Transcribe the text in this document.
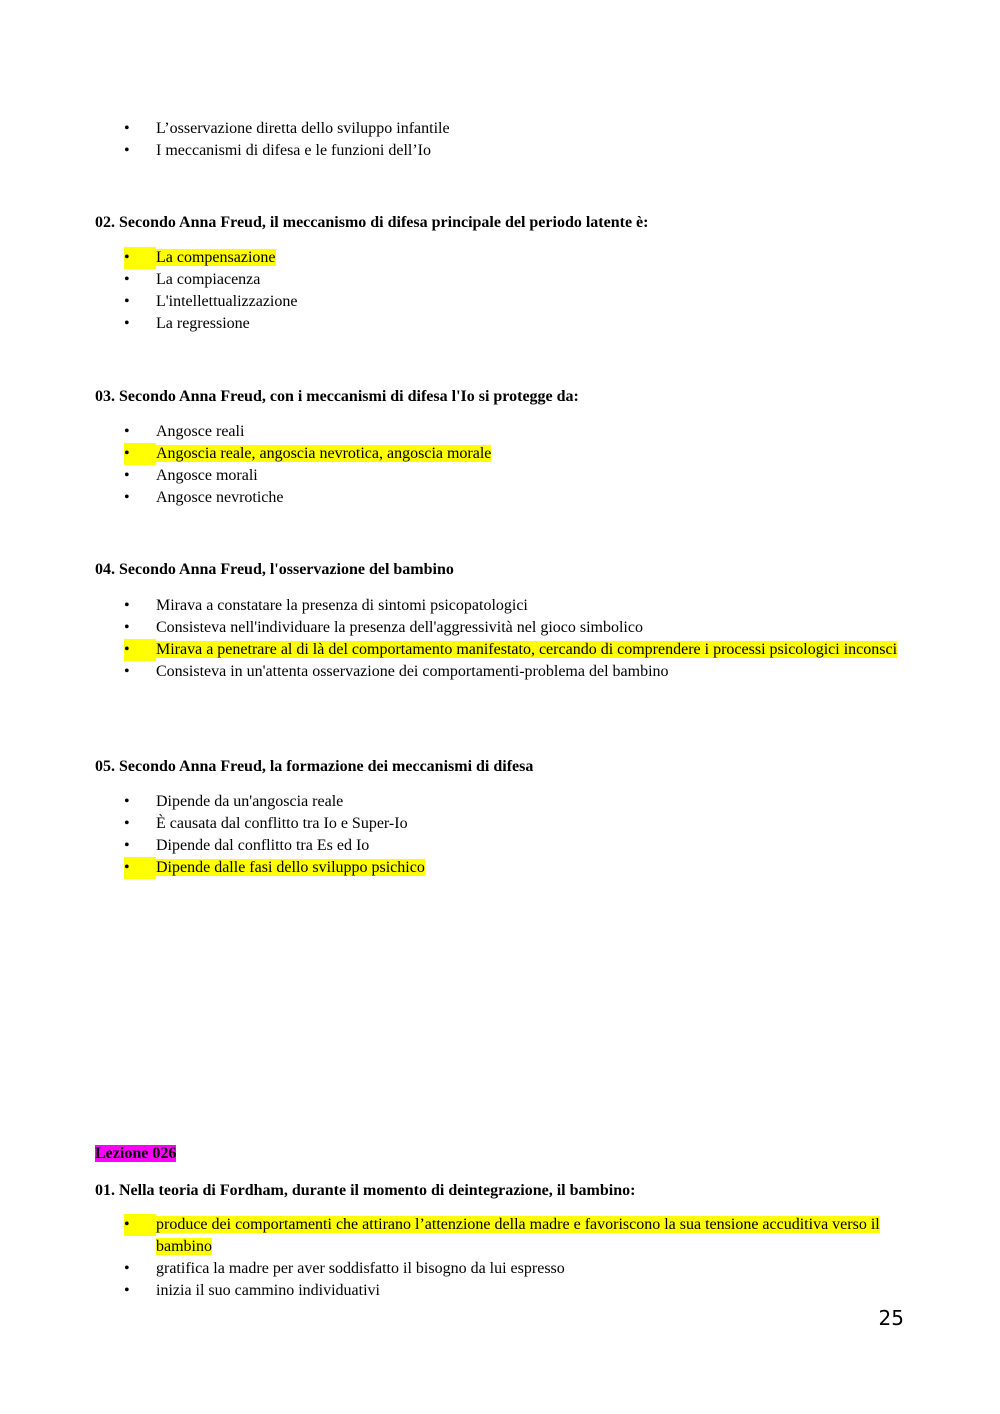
•	L’osservazione diretta dello sviluppo infantile
•	I meccanismi di difesa e le funzioni dell’Io

02. Secondo Anna Freud, il meccanismo di difesa principale del periodo latente è:

•	La compensazione
•	La compiacenza
•	L'intellettualizzazione
•	La regressione

03. Secondo Anna Freud, con i meccanismi di difesa l'Io si protegge da:

•	Angosce reali
•	Angoscia reale, angoscia nevrotica, angoscia morale
•	Angosce morali
•	Angosce nevrotiche

04. Secondo Anna Freud, l'osservazione del bambino

•	Mirava a constatare la presenza di sintomi psicopatologici
•	Consisteva nell'individuare la presenza dell'aggressività nel gioco simbolico
•	Mirava a penetrare al di là del comportamento manifestato, cercando di comprendere i processi psicologici inconsci
•	Consisteva in un'attenta osservazione dei comportamenti-problema del bambino

05. Secondo Anna Freud, la formazione dei meccanismi di difesa

•	Dipende da un'angoscia reale
•	È causata dal conflitto tra Io e Super-Io
•	Dipende dal conflitto tra Es ed Io
•	Dipende dalle fasi dello sviluppo psichico

Lezione 026

01. Nella teoria di Fordham, durante il momento di deintegrazione, il bambino:

•	produce dei comportamenti che attirano l’attenzione della madre e favoriscono la sua tensione accuditiva verso il bambino
•	gratifica la madre per aver soddisfatto il bisogno da lui espresso
•	inizia il suo cammino individuativi
25
